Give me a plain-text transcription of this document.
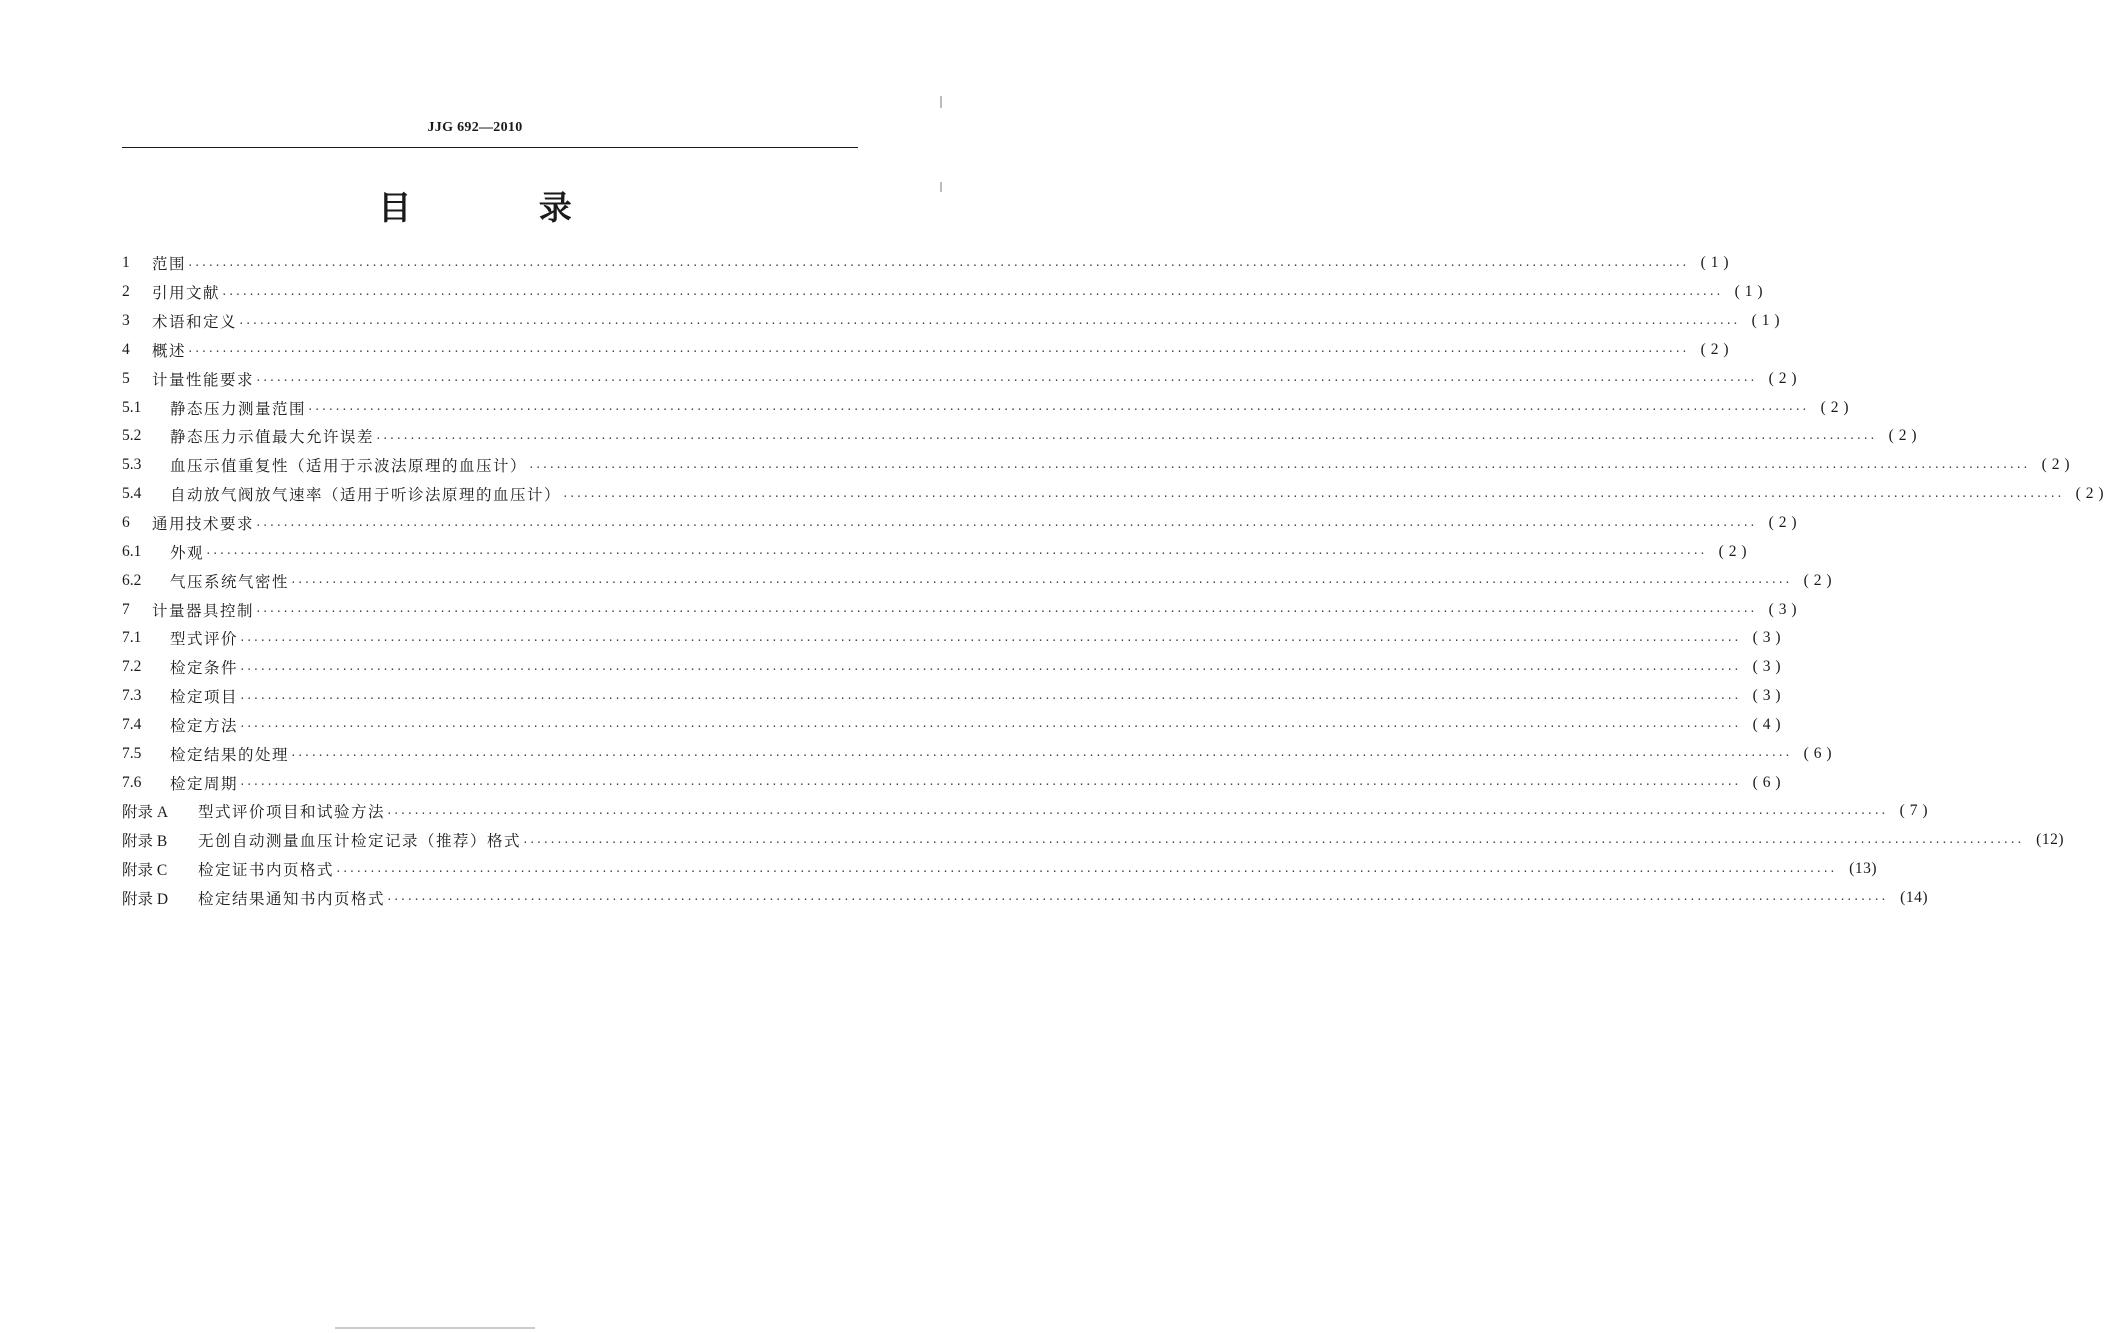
JJG 692—2010
目 录
1	范围 ···························································································································································································································· ( 1 )
2	引用文献 ···························································································································································································································· ( 1 )
3	术语和定义 ···························································································································································································································· ( 1 )
4	概述 ···························································································································································································································· ( 2 )
5	计量性能要求 ···························································································································································································································· ( 2 )
5.1	静态压力测量范围 ···························································································································································································································· ( 2 )
5.2	静态压力示值最大允许误差 ···························································································································································································································· ( 2 )
5.3	血压示值重复性（适用于示波法原理的血压计） ···························································································································································································································· ( 2 )
5.4	自动放气阀放气速率（适用于听诊法原理的血压计） ···························································································································································································································· ( 2 )
6	通用技术要求 ···························································································································································································································· ( 2 )
6.1	外观 ···························································································································································································································· ( 2 )
6.2	气压系统气密性 ···························································································································································································································· ( 2 )
7	计量器具控制 ···························································································································································································································· ( 3 )
7.1	型式评价 ···························································································································································································································· ( 3 )
7.2	检定条件 ···························································································································································································································· ( 3 )
7.3	检定项目 ···························································································································································································································· ( 3 )
7.4	检定方法 ···························································································································································································································· ( 4 )
7.5	检定结果的处理 ···························································································································································································································· ( 6 )
7.6	检定周期 ···························································································································································································································· ( 6 )
附录 A	型式评价项目和试验方法 ···························································································································································································································· ( 7 )
附录 B	无创自动测量血压计检定记录（推荐）格式 ···························································································································································································································· (12)
附录 C	检定证书内页格式 ···························································································································································································································· (13)
附录 D	检定结果通知书内页格式 ···························································································································································································································· (14)
